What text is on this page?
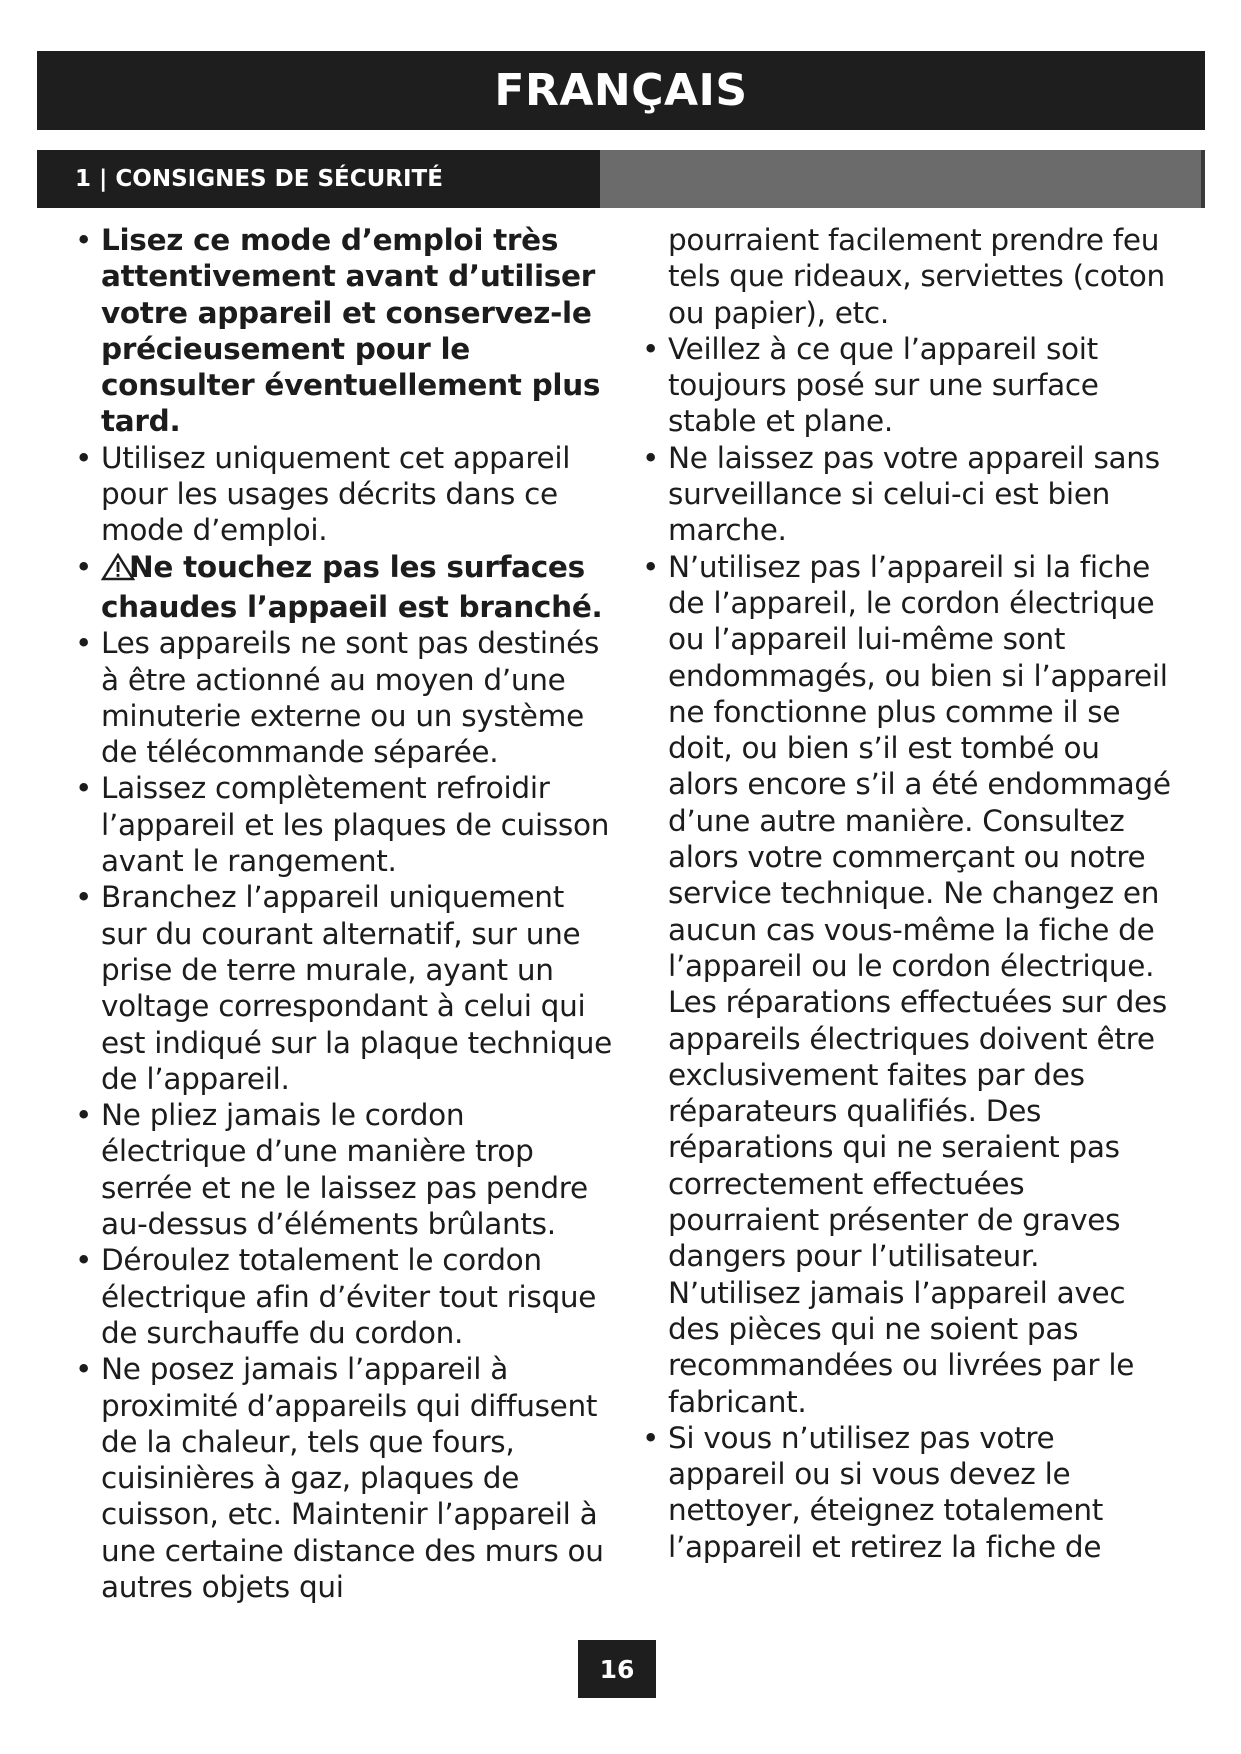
FRANÇAIS
1 | CONSIGNES DE SÉCURITÉ
• Lisez ce mode d’emploi très attentivement avant d’utiliser votre appareil et conservez-le précieusement pour le consulter éventuellement plus tard.
• Utilisez uniquement cet appareil pour les usages décrits dans ce mode d’emploi.
• Ne touchez pas les surfaces chaudes l’appaeil est branché.
• Les appareils ne sont pas destinés à être actionné au moyen d’une minuterie externe ou un système de télécommande séparée.
• Laissez complètement refroidir l’appareil et les plaques de cuisson avant le rangement.
• Branchez l’appareil uniquement sur du courant alternatif, sur une prise de terre murale, ayant un voltage correspondant à celui qui est indiqué sur la plaque technique de l’appareil.
• Ne pliez jamais le cordon électrique d’une manière trop serrée et ne le laissez pas pendre au-dessus d’éléments brûlants.
• Déroulez totalement le cordon électrique afin d’éviter tout risque de surchauffe du cordon.
• Ne posez jamais l’appareil à proximité d’appareils qui diffusent de la chaleur, tels que fours, cuisinières à gaz, plaques de cuisson, etc. Maintenir l’appareil à une certaine distance des murs ou autres objets qui
pourraient facilement prendre feu tels que rideaux, serviettes (coton ou papier), etc.
• Veillez à ce que l’appareil soit toujours posé sur une surface stable et plane.
• Ne laissez pas votre appareil sans surveillance si celui-ci est bien marche.
• N’utilisez pas l’appareil si la fiche de l’appareil, le cordon électrique ou l’appareil lui-même sont endommagés, ou bien si l’appareil ne fonctionne plus comme il se doit, ou bien s’il est tombé ou alors encore s’il a été endommagé d’une autre manière. Consultez alors votre commerçant ou notre service technique. Ne changez en aucun cas vous-même la fiche de l’appareil ou le cordon électrique. Les réparations effectuées sur des appareils électriques doivent être exclusivement faites par des réparateurs qualifiés. Des réparations qui ne seraient pas correctement effectuées pourraient présenter de graves dangers pour l’utilisateur. N’utilisez jamais l’appareil avec des pièces qui ne soient pas recommandées ou livrées par le fabricant.
• Si vous n’utilisez pas votre appareil ou si vous devez le nettoyer, éteignez totalement l’appareil et retirez la fiche de
16
